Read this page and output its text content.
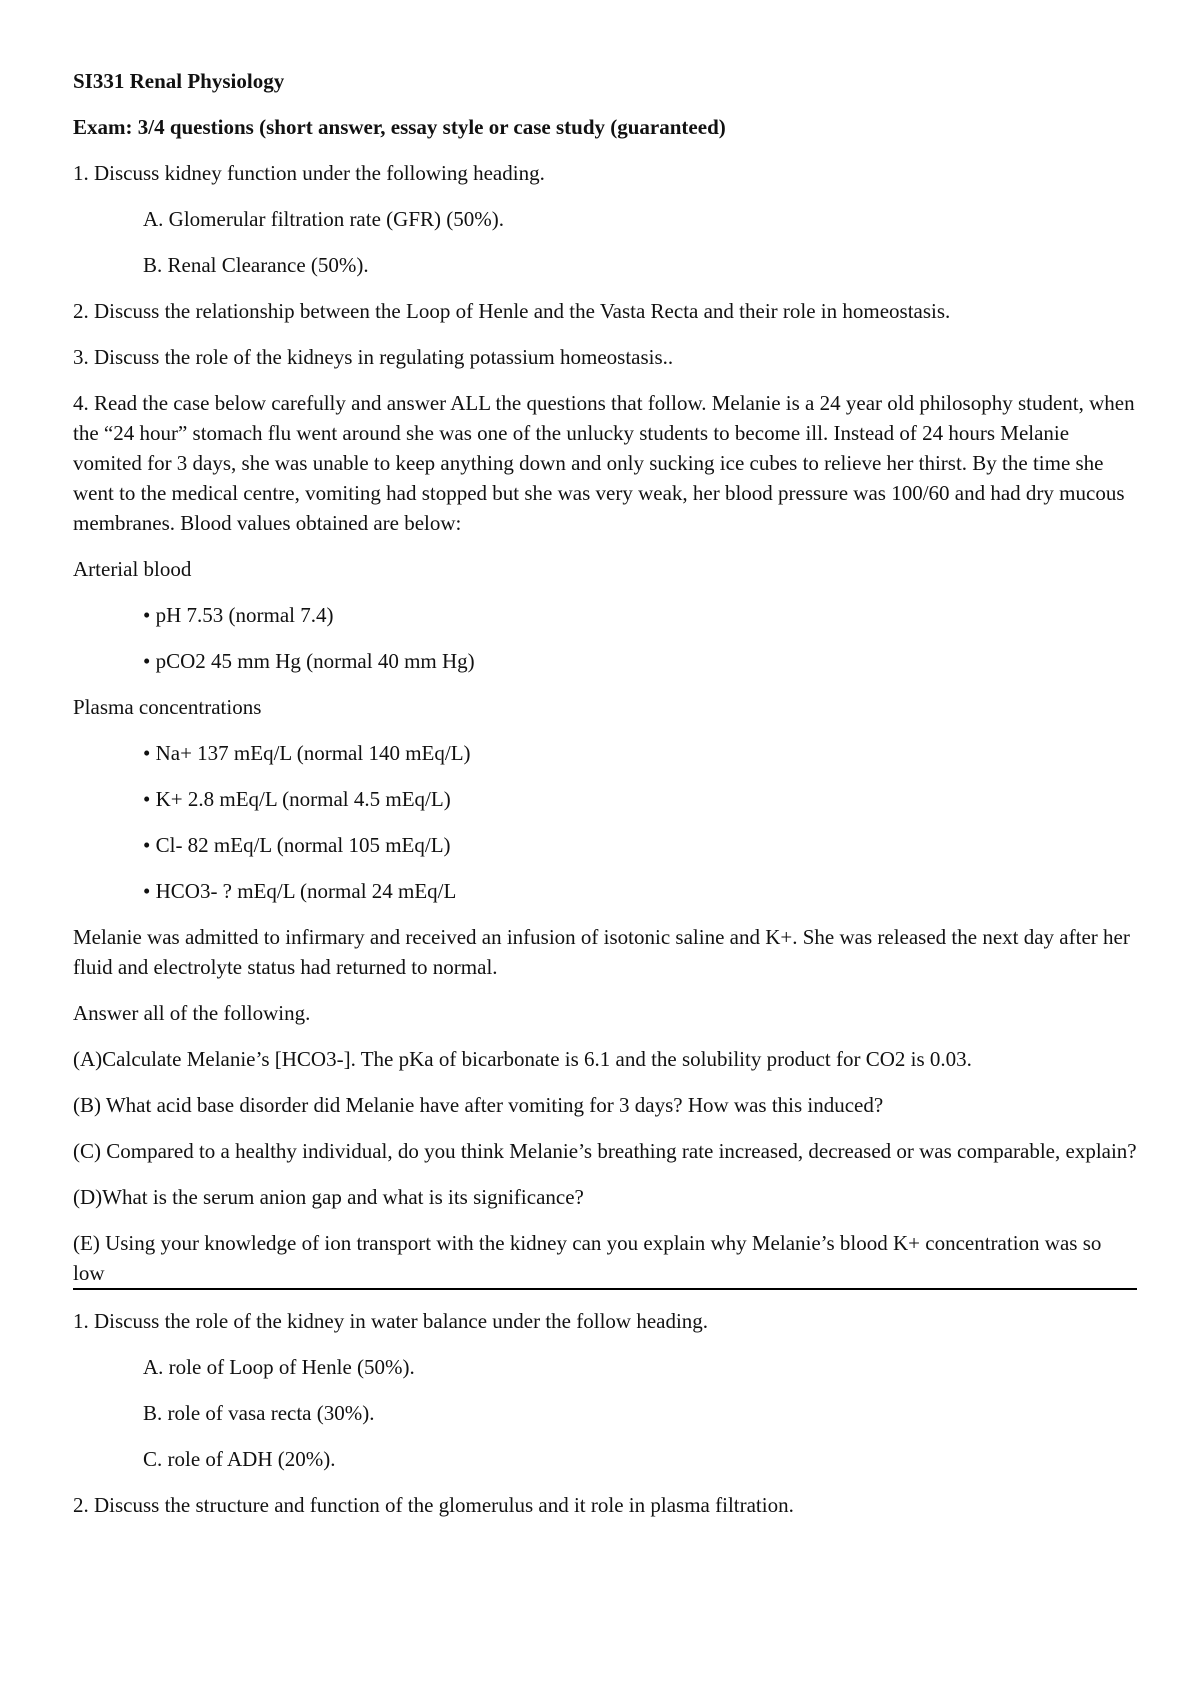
SI331 Renal Physiology

Exam: 3/4 questions (short answer, essay style or case study (guaranteed)

1. Discuss kidney function under the following heading.

A. Glomerular filtration rate (GFR) (50%).

B. Renal Clearance (50%).

2. Discuss the relationship between the Loop of Henle and the Vasta Recta and their role in homeostasis.

3. Discuss the role of the kidneys in regulating potassium homeostasis..

4. Read the case below carefully and answer ALL the questions that follow. Melanie is a 24 year old philosophy student, when the “24 hour” stomach flu went around she was one of the unlucky students to become ill. Instead of 24 hours Melanie vomited for 3 days, she was unable to keep anything down and only sucking ice cubes to relieve her thirst. By the time she went to the medical centre, vomiting had stopped but she was very weak, her blood pressure was 100/60 and had dry mucous membranes. Blood values obtained are below:

Arterial blood

• pH 7.53 (normal 7.4)

• pCO2 45 mm Hg (normal 40 mm Hg)

Plasma concentrations

• Na+ 137 mEq/L (normal 140 mEq/L)

• K+ 2.8 mEq/L (normal 4.5 mEq/L)

• Cl- 82 mEq/L (normal 105 mEq/L)

• HCO3- ? mEq/L (normal 24 mEq/L

Melanie was admitted to infirmary and received an infusion of isotonic saline and K+. She was released the next day after her fluid and electrolyte status had returned to normal.

Answer all of the following.

(A)Calculate Melanie’s [HCO3-]. The pKa of bicarbonate is 6.1 and the solubility product for CO2 is 0.03.

(B) What acid base disorder did Melanie have after vomiting for 3 days? How was this induced?

(C) Compared to a healthy individual, do you think Melanie’s breathing rate increased, decreased or was comparable, explain?

(D)What is the serum anion gap and what is its significance?

(E) Using your knowledge of ion transport with the kidney can you explain why Melanie’s blood K+ concentration was so low

1. Discuss the role of the kidney in water balance under the follow heading.

A. role of Loop of Henle (50%).

B. role of vasa recta (30%).

C. role of ADH (20%).

2. Discuss the structure and function of the glomerulus and it role in plasma filtration.
